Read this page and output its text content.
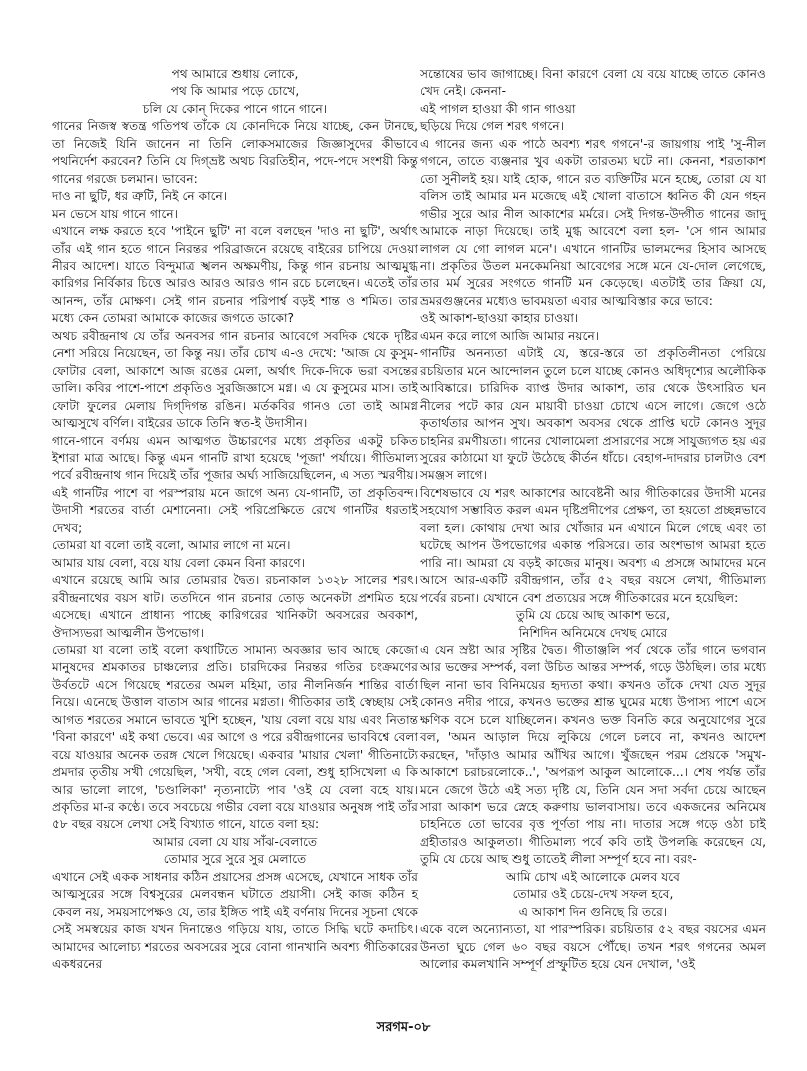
পথ আমারে শুধায় লোকে,

পথ কি আমার পড়ে চোখে,

চলি যে কোন্‌ দিকের পানে গানে গানে।

গানের নিজস্ব স্বতন্ত্র গতিপথ তাঁকে যে কোনদিকে নিয়ে যাচ্ছে, কেন টানছে, তা নিজেই যিনি জানেন না তিনি লোকসমাজের জিজ্ঞাসুদের কীভাবে পথনির্দেশ করবেন? তিনি যে দিগ্‌ভ্রষ্ট অথচ বিরতিহীন, পদে-পদে সংশয়ী কিন্তু গানের গরজে চলমান। ভাবেন:

দাও না ছুটি, ধর ত্রুটি, নিই নে কানে।

মন ভেসে যায় গানে গানে।

এখানে লক্ষ করতে হবে 'পাইনে ছুটি' না বলে বলছেন 'দাও না ছুটি', অর্থাৎ তাঁর এই গান হতে গানে নিরন্তর পরিব্রাজনে রয়েছে বাইরের চাপিয়ে দেওয়া নীরব আদেশ। যাতে বিন্দুমাত্র স্খলন অক্ষমণীয়, কিন্তু গান রচনায় আত্মমুগ্ধ কারিগর নির্বিকার চিত্তে আরও আরও আরও গান রচে চলেছেন। এতেই তাঁর আনন্দ, তাঁর মোক্ষণ। সেই গান রচনার পরিপার্শ্ব বড়ই শান্ত ও শমিত। তার মধ্যে কেন তোমরা আমাকে কাজের জগতে ডাকো?

অথচ রবীন্দ্রনাথ যে তাঁর অনবসর গান রচনার আবেগে সবদিক থেকে দৃষ্টির নেশা সরিয়ে নিয়েছেন, তা কিন্তু নয়। তাঁর চোখ এ-ও দেখে: 'আজ যে কুসুম- ফোটার বেলা, আকাশে আজ রঙের মেলা, অর্থাৎ দিকে-দিকে ভরা বসন্তের ডালি। কবির পাশে-পাশে প্রকৃতিও সুরজিজ্ঞাসে মগ্ন। এ যে কুসুমের মাস। তাই ফোটা ফুলের মেলায় দিগ্‌দিগন্ত রঙিন। মর্তকবির গানও তো তাই আমগ্ন আত্মসুখে বর্ণিল। বাইরের ডাকে তিনি স্বত-ই উদাসীন।

গানে-গানে বর্ণময় এমন আত্মগত উচ্চারণের মধ্যে প্রকৃতির একটু চকিত ইশারা মাত্র আছে। কিন্তু এমন গানটি রাখা হয়েছে 'পূজা' পর্যায়ে। গীতিমাল্য পর্বে রবীন্দ্রনাথ গান দিয়েই তাঁর পূজার অর্ঘ্য সাজিয়েছিলেন, এ সত্য স্মরণীয়। এই গানটির পাশে বা পরস্পরায় মনে জাগে অন্য যে-গানটি, তা প্রকৃতিবন্দ। উদাসী শরতের বার্তা মেশানেনা। সেই পরিপ্রেক্ষিতে রেখে গানটির ধরতাই দেখব;

তোমরা যা বলো তাই বলো, আমার লাগে না মনে।

আমার যায় বেলা, বয়ে যায় বেলা কেমন বিনা কারণে।

এখানে রয়েছে আমি আর তোমরার দ্বৈত। রচনাকাল ১৩২৮ সালের শরৎ। রবীন্দ্রনাথের বয়স ষাট। ততদিনে গান রচনার তোড় অনেকটা প্রশমিত হয়ে এসেছে। এখানে প্রাধান্য পাচ্ছে কারিগরের খানিকটা অবসরের অবকাশ, ঔদাস্যভরা আত্মলীন উপভোগ।

তোমরা যা বলো তাই বলো কথাটিতে সামান্য অবজ্ঞার ভাব আছে কেজো মানুষদের শ্রমকাতর চাঞ্চল্যের প্রতি। চারদিকের নিরন্তর গতির চংক্রমণের উর্বতটে এসে গিয়েছে শরতের অমল মহিমা, তার নীলনির্জন শান্তির বার্তা নিয়ে। এনেছে উত্তাল বাতাস আর গানের মগ্নতা। গীতিকার তাই স্বেচ্ছায় সেই আগত শরতের সমানে ভাবতে খুশি হচ্ছেন, 'যায় বেলা বয়ে যায় এবং নিতান্ত 'বিনা কারণে' এই কথা ভেবে। এর আগে ও পরে রবীন্দ্রগানের ভাববিশ্বে বেলা বয়ে যাওয়ার অনেক তরঙ্গ খেলে গিয়েছে। একবার 'মায়ার খেলা' গীতিনাট্যে প্রমদার তৃতীয় সখী গেয়েছিল, 'সখী, বহে গেল বেলা, শুধু হাসিখেলা এ কি আর ভালো লাগে, 'চণ্ডালিকা' নৃত্যনাট্যে পাব 'ওই যে বেলা বহে যায়। প্রকৃতির মা-র কণ্ঠে। তবে সবচেয়ে গভীর বেলা বয়ে যাওয়ার অনুষঙ্গ পাই তাঁর ৫৮ বছর বয়সে লেখা সেই বিখ্যাত গানে, যাতে বলা হয়:

আমার বেলা যে যায় সাঁঝ-বেলাতে

তোমার সুরে সুরে সুর মেলাতে

এখানে সেই একক সাধনার কঠিন প্রয়াসের প্রসঙ্গ এসেছে, যেখানে সাধক তাঁর আত্মসুরের সঙ্গে বিশ্বসুরের মেলবন্ধন ঘটাতে প্রয়াসী। সেই কাজ কঠিন হ কেবল নয়, সময়সাপেক্ষও যে, তার ইঙ্গিত পাই এই বর্ণনায় দিনের সূচনা থেকে সেই সমস্বয়ের কাজ যখন দিনান্তেও গড়িয়ে যায়, তাতে সিদ্ধি ঘটে কদাচিৎ। আমাদের আলোচ্য শরতের অবসরের সুরে বোনা গানখানি অবশ্য গীতিকারের একধরনের

সন্তোষের ভাব জাগাচ্ছে। বিনা কারণে বেলা যে বয়ে যাচ্ছে তাতে কোনও খেদ নেই। কেননা-

এই পাগল হাওয়া কী গান গাওয়া

ছড়িয়ে দিয়ে গেল শরৎ গগনে।

এ গানের জন্য এক পাঠে অবশ্য শরৎ গগনে'-র জায়গায় পাই 'সু-নীল গগনে, তাতে ব্যঞ্জনার খুব একটা তারতম্য ঘটে না। কেননা, শরতাকাশ তো সুনীলই হয়। যাই হোক, গানে রত ব্যক্তিটির মনে হচ্ছে, তোরা যে যা বলিস তাই আমার মন মজেছে এই খোলা বাতাসে ধ্বনিত কী যেন গহন গভীর সুরে আর নীল আকাশের মর্মরে। সেই দিগন্ত-উদ্গীত গানের জাদু আমাকে নাড়া দিয়েছে। তাই মুগ্ধ আবেশে বলা হল- 'সে গান আমার লাগল যে গো লাগল মনে'। এখানে গানটির ভালমন্দের হিসাব আসছে না। প্রকৃতির উতল মনকেমনিয়া আবেগের সঙ্গে মনে যে-দোল লেগেছে, তার মর্ম সুরের সংগতে গানটি মন কেড়েছে। এতটাই তার ক্রিয়া যে, ভ্রমরগুঞ্জনের মধ্যেও ভাবময়তা এবার আত্মবিস্তার করে ভাবে:

ওই আকাশ-ছাওয়া কাহার চাওয়া।

এমন করে লাগে আজি আমার নয়নে।

গানটির অনন্যতা এটাই যে, স্তরে-স্তরে তা প্রকৃতিলীনতা পেরিয়ে রচয়িতার মনে আন্দোলন তুলে চলে যাচ্ছে কোনও অধিদৃশ্যের অলৌকিক আবিষ্কারে। চারিদিক ব্যাপ্ত উদার আকাশ, তার থেকে উৎসারিত ঘন নীলের পটে কার যেন মায়াবী চাওয়া চোখে এসে লাগে। জেগে ওঠে কৃতার্থতার আপন সুখ। অবকাশ অবসর থেকে প্রাপ্তি ঘটে কোনও সুদূর চাহনির রমণীয়তা। গানের খোলামেলা প্রসারণের সঙ্গে সাযুজ্যগত হয় এর সুরের কাঠামো যা ফুটে উঠেছে কীর্তন ধাঁচে। বেহাগ-দাদরার চালটাও বেশ সমঞ্জস লাগে।

বিশেষভাবে যে শরৎ আকাশের আবেষ্টনী আর গীতিকারের উদাসী মনের সহযোগ সম্ভাবিত করল এমন দৃষ্টিপ্রদীপের প্রেক্ষণ, তা হয়তো প্রচ্ছন্নভাবে বলা হল। কোথায় দেখা আর খোঁজার মন এখানে মিলে গেছে এবং তা ঘটেছে আপন উপভোগের একান্ত পরিসরে। তার অংশভাগ আমরা হতে পারি না। আমরা যে বড়ই কাজের মানুষ। অবশ্য এ প্রসঙ্গে আমাদের মনে আসে আর-একটি রবীন্দ্রগান, তাঁর ৫২ বছর বয়সে লেখা, গীতিমাল্য পর্বের রচনা। যেখানে বেশ প্রত্যয়ের সঙ্গে গীতিকারের মনে হয়েছিল:

তুমি যে চেয়ে আছ আকাশ ভরে,

নিশিদিন অনিমেষে দেখছ মোরে

এ যেন স্রষ্টা আর সৃষ্টির দ্বৈত। গীতাঞ্জলি পর্ব থেকে তাঁর গানে ভগবান আর ভক্তের সম্পর্ক, বলা উচিত আন্তর সম্পর্ক, গড়ে উঠছিল। তার মধ্যে ছিল নানা ভাব বিনিময়ের হৃদ্যতা কথা। কখনও তাঁকে দেখা যেত সুদূর কোনও নদীর পারে, কখনও ভক্তের শ্রান্ত ঘুমের মধ্যে উপাস্য পাশে এসে ক্ষণিক বসে চলে যাচ্ছিলেন। কখনও ভক্ত বিনতি করে অনুযোগের সুরে বল, 'অমন আড়াল দিয়ে লুকিয়ে গেলে চলবে না, কখনও আদেশ করছেন, 'দাঁড়াও আমার আঁখির আগে। খুঁজছেন পরম প্রেয়কে 'সমুখ-আকাশে চরাচরলোকে..', 'অপরূপ আকুল আলোকে...। শেষ পর্যন্ত তাঁর মনে জেগে উঠে এই সত্য দৃষ্টি যে, তিনি যেন সদা সর্বদা চেয়ে আছেন সারা আকাশ ভরে স্নেহে করুণায় ভালবাসায়। তবে একজনের অনিমেষ চাহনিতে তো ভাবের বৃত্ত পূর্ণতা পায় না। দাতার সঙ্গে গড়ে ওঠা চাই গ্রহীতারও আকুলতা। গীতিমাল্য পর্বে কবি তাই উপলব্ধি করেছেন যে, তুমি যে চেয়ে আছ শুধু তাতেই লীলা সম্পূর্ণ হবে না। বরং-

আমি চোখ এই আলোকে মেলব যবে

তোমার ওই চেয়ে-দেখ সফল হবে,

এ আকাশ দিন গুনিছে রি তরে।

একে বলে অন্যোন্যতা, যা পারস্পরিক। রচয়িতার ৫২ বছর বয়সের এমন উনতা ঘুচে গেল ৬০ বছর বয়সে পৌঁছে। তখন শরৎ গগনের অমল আলোর কমলখানি সম্পূর্ণ প্রস্ফুটিত হয়ে যেন দেখাল, 'ওই

সরগম-০৮
